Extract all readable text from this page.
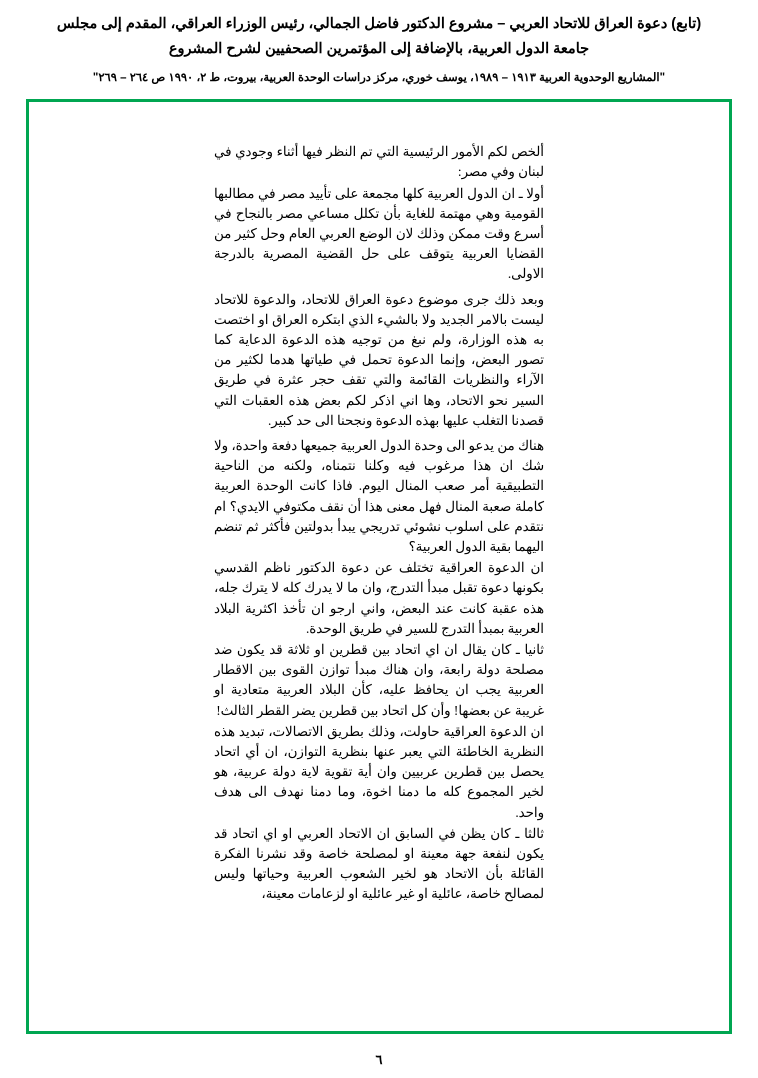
(تابع) دعوة العراق للاتحاد العربي – مشروع الدكتور فاضل الجمالي، رئيس الوزراء العراقي، المقدم إلى مجلس جامعة الدول العربية، بالإضافة إلى المؤتمرين الصحفيين لشرح المشروع

"المشاريع الوحدوية العربية ١٩١٣ – ١٩٨٩، يوسف خوري، مركز دراسات الوحدة العربية، بيروت، ط ٢، ١٩٩٠ ص ٢٦٤ – ٢٦٩"

ألخص لكم الأمور الرئيسية التي تم النظر فيها أثناء وجودي في لبنان وفي مصر:

أولا ـ ان الدول العربية كلها مجمعة على تأييد مصر في مطالبها القومية وهي مهتمة للغاية بأن تكلل مساعي مصر بالنجاح في أسرع وقت ممكن وذلك لان الوضع العربي العام وحل كثير من القضايا العربية يتوقف على حل القضية المصرية بالدرجة الاولى.

وبعد ذلك جرى موضوع دعوة العراق للاتحاد، والدعوة للاتحاد ليست بالامر الجديد ولا بالشيء الذي ابتكره العراق او اختصت به هذه الوزارة، ولم نبغ من توجيه هذه الدعوة الدعاية كما تصور البعض، وإنما الدعوة تحمل في طياتها هدما لكثير من الآراء والنظريات القائمة والتي تقف حجر عثرة في طريق السير نحو الاتحاد، وها اني اذكر لكم بعض هذه العقبات التي قصدنا التغلب عليها بهذه الدعوة ونجحنا الى حد كبير.

هناك من يدعو الى وحدة الدول العربية جميعها دفعة واحدة، ولا شك ان هذا مرغوب فيه وكلنا نتمناه، ولكنه من الناحية التطبيقية أمر صعب المنال اليوم. فاذا كانت الوحدة العربية كاملة صعبة المنال فهل معنى هذا أن نقف مكتوفي الايدي؟ ام نتقدم على اسلوب نشوئي تدريجي يبدأ بدولتين فأكثر ثم تنضم اليهما بقية الدول العربية؟

ان الدعوة العراقية تختلف عن دعوة الدكتور ناظم القدسي بكونها دعوة تقبل مبدأ التدرج، وان ما لا يدرك كله لا يترك جله، هذه عقبة كانت عند البعض، واني ارجو ان تأخذ اكثرية البلاد العربية بمبدأ التدرج للسير في طريق الوحدة.

ثانيا ـ كان يقال ان اي اتحاد بين قطرين او ثلاثة قد يكون ضد مصلحة دولة رابعة، وان هناك مبدأ توازن القوى بين الاقطار العربية يجب ان يحافظ عليه، كأن البلاد العربية متعادية او غريبة عن بعضها! وأن كل اتحاد بين قطرين يضر القطر الثالث!

ان الدعوة العراقية حاولت، وذلك بطريق الاتصالات، تبديد هذه النظرية الخاطئة التي يعبر عنها بنظرية التوازن، ان أي اتحاد يحصل بين قطرين عربيين وان أية تقوية لاية دولة عربية، هو لخير المجموع كله ما دمنا اخوة، وما دمنا نهدف الى هدف واحد.

ثالثا ـ كان يظن في السابق ان الاتحاد العربي او اي اتحاد قد يكون لنفعة جهة معينة او لمصلحة خاصة وقد نشرنا الفكرة القائلة بأن الاتحاد هو لخير الشعوب العربية وحياتها وليس لمصالح خاصة، عائلية او غير عائلية او لزعامات معينة،

٦
